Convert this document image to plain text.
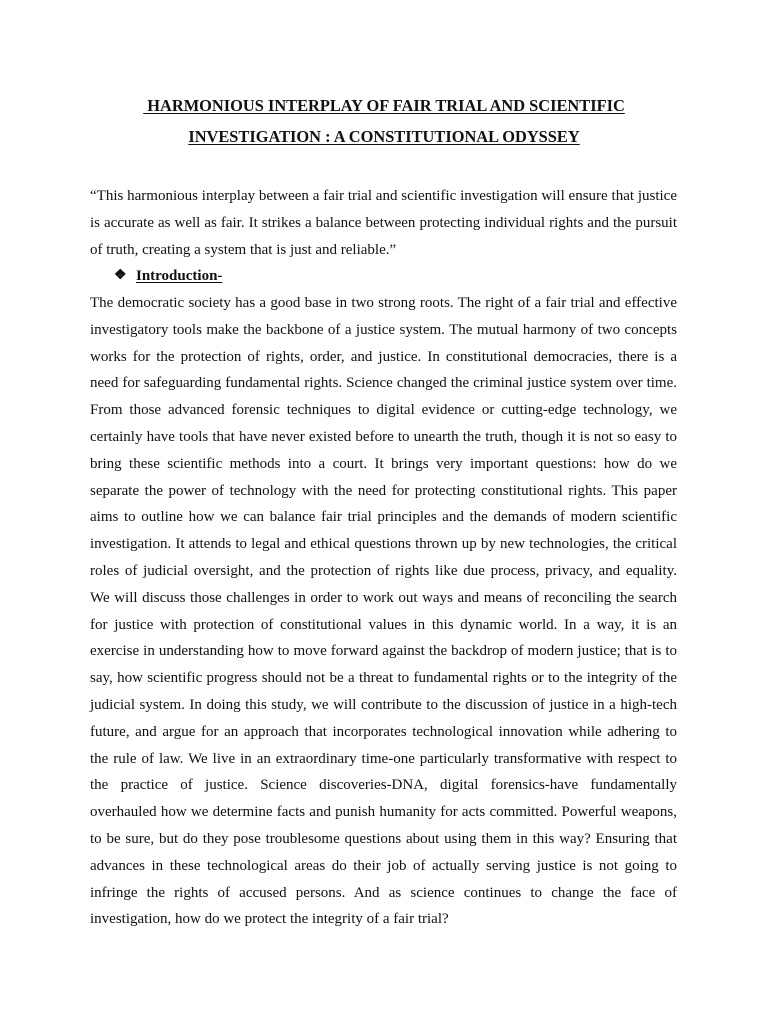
HARMONIOUS INTERPLAY OF FAIR TRIAL AND SCIENTIFIC
INVESTIGATION : A CONSTITUTIONAL ODYSSEY

“This harmonious interplay between a fair trial and scientific investigation will ensure that justice is accurate as well as fair. It strikes a balance between protecting individual rights and the pursuit of truth, creating a system that is just and reliable.”

❖ Introduction-
The democratic society has a good base in two strong roots. The right of a fair trial and effective
investigatory tools make the backbone of a justice system. The mutual harmony of two concepts
works for the protection of rights, order, and justice. In constitutional democracies, there is a
need for safeguarding fundamental rights. Science changed the criminal justice system over time.
From those advanced forensic techniques to digital evidence or cutting-edge technology, we
certainly have tools that have never existed before to unearth the truth, though it is not so easy to
bring these scientific methods into a court. It brings very important questions: how do we
separate the power of technology with the need for protecting constitutional rights. This paper
aims to outline how we can balance fair trial principles and the demands of modern scientific
investigation. It attends to legal and ethical questions thrown up by new technologies, the critical
roles of judicial oversight, and the protection of rights like due process, privacy, and equality.
We will discuss those challenges in order to work out ways and means of reconciling the search
for justice with protection of constitutional values in this dynamic world. In a way, it is an
exercise in understanding how to move forward against the backdrop of modern justice; that is to
say, how scientific progress should not be a threat to fundamental rights or to the integrity of the
judicial system. In doing this study, we will contribute to the discussion of justice in a high-tech
future, and argue for an approach that incorporates technological innovation while adhering to
the rule of law. We live in an extraordinary time-one particularly transformative with respect to
the practice of justice. Science discoveries-DNA, digital forensics-have fundamentally
overhauled how we determine facts and punish humanity for acts committed. Powerful weapons,
to be sure, but do they pose troublesome questions about using them in this way? Ensuring that
advances in these technological areas do their job of actually serving justice is not going to
infringe the rights of accused persons. And as science continues to change the face of
investigation, how do we protect the integrity of a fair trial?
